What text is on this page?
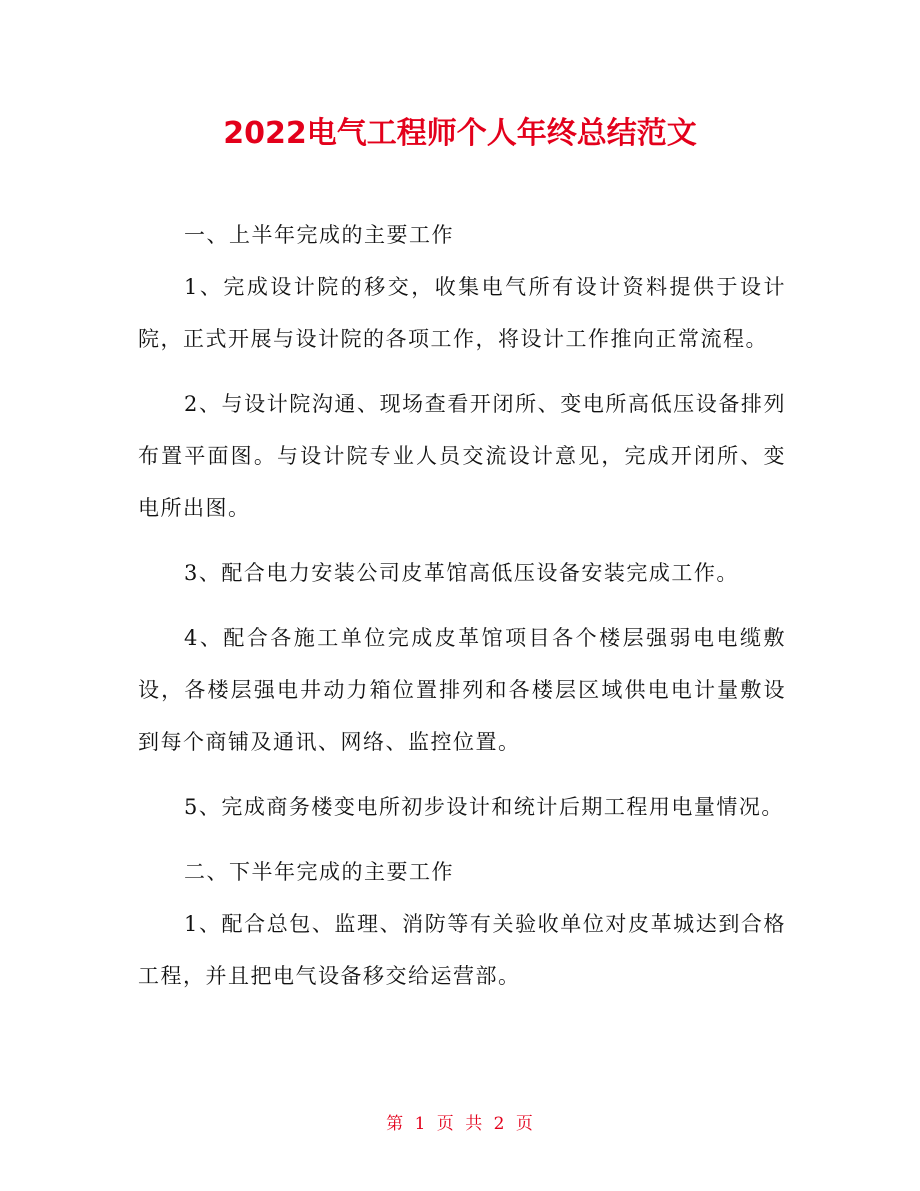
2022电气工程师个人年终总结范文

一、上半年完成的主要工作

1、完成设计院的移交，收集电气所有设计资料提供于设计院，正式开展与设计院的各项工作，将设计工作推向正常流程。

2、与设计院沟通、现场查看开闭所、变电所高低压设备排列布置平面图。与设计院专业人员交流设计意见，完成开闭所、变电所出图。

3、配合电力安装公司皮革馆高低压设备安装完成工作。

4、配合各施工单位完成皮革馆项目各个楼层强弱电电缆敷设，各楼层强电井动力箱位置排列和各楼层区域供电电计量敷设到每个商铺及通讯、网络、监控位置。

5、完成商务楼变电所初步设计和统计后期工程用电量情况。

二、下半年完成的主要工作

1、配合总包、监理、消防等有关验收单位对皮革城达到合格工程，并且把电气设备移交给运营部。

第 1 页 共 2 页
